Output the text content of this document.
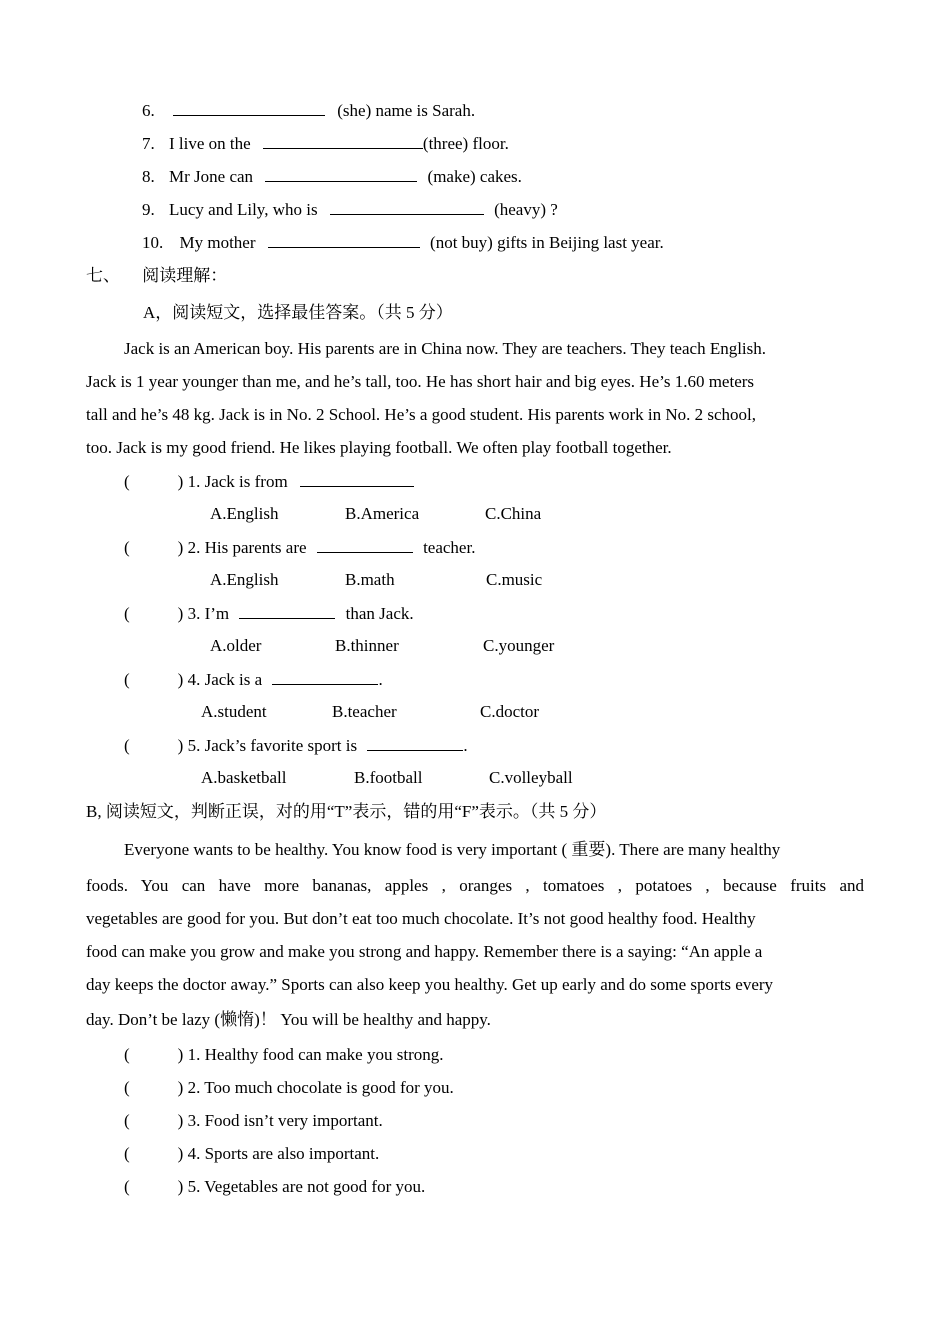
6.	(she) name is Sarah.
7. I live on the	(three) floor.
8. Mr Jone can	(make) cakes.
9. Lucy and Lily, who is	(heavy) ?
10. My mother	(not buy) gifts in Beijing last year.
七、 阅读理解：
A，阅读短文，选择最佳答案。（共 5 分）
Jack is an American boy. His parents are in China now. They are teachers. They teach English.
Jack is 1 year younger than me, and he’s tall, too. He has short hair and big eyes. He’s 1.60 meters
tall and he’s 48 kg. Jack is in No. 2 School. He’s a good student. His parents work in No. 2 school,
too. Jack is my good friend. He likes playing football. We often play football together.
(	) 1. Jack is from
A.English	B.America	C.China
(	) 2. His parents are	teacher.
A.English	B.math	C.music
(	) 3. I’m	than Jack.
A.older	B.thinner	C.younger
(	) 4. Jack is a	.
A.student	B.teacher	C.doctor
(	) 5. Jack’s favorite sport is	.
A.basketball	B.football	C.volleyball
B, 阅读短文，判断正误，对的用“T”表示，错的用“F”表示。（共 5 分）
Everyone wants to be healthy. You know food is very important ( 重要). There are many healthy
foods. You can have more bananas, apples , oranges , tomatoes , potatoes , because fruits and
vegetables are good for you. But don’t eat too much chocolate. It’s not good healthy food. Healthy
food can make you grow and make you strong and happy. Remember there is a saying: “An apple a
day keeps the doctor away.” Sports can also keep you healthy. Get up early and do some sports every
day. Don’t be lazy (懒惰)！ You will be healthy and happy.
(	) 1. Healthy food can make you strong.
(	) 2. Too much chocolate is good for you.
(	) 3. Food isn’t very important.
(	) 4. Sports are also important.
(	) 5. Vegetables are not good for you.
